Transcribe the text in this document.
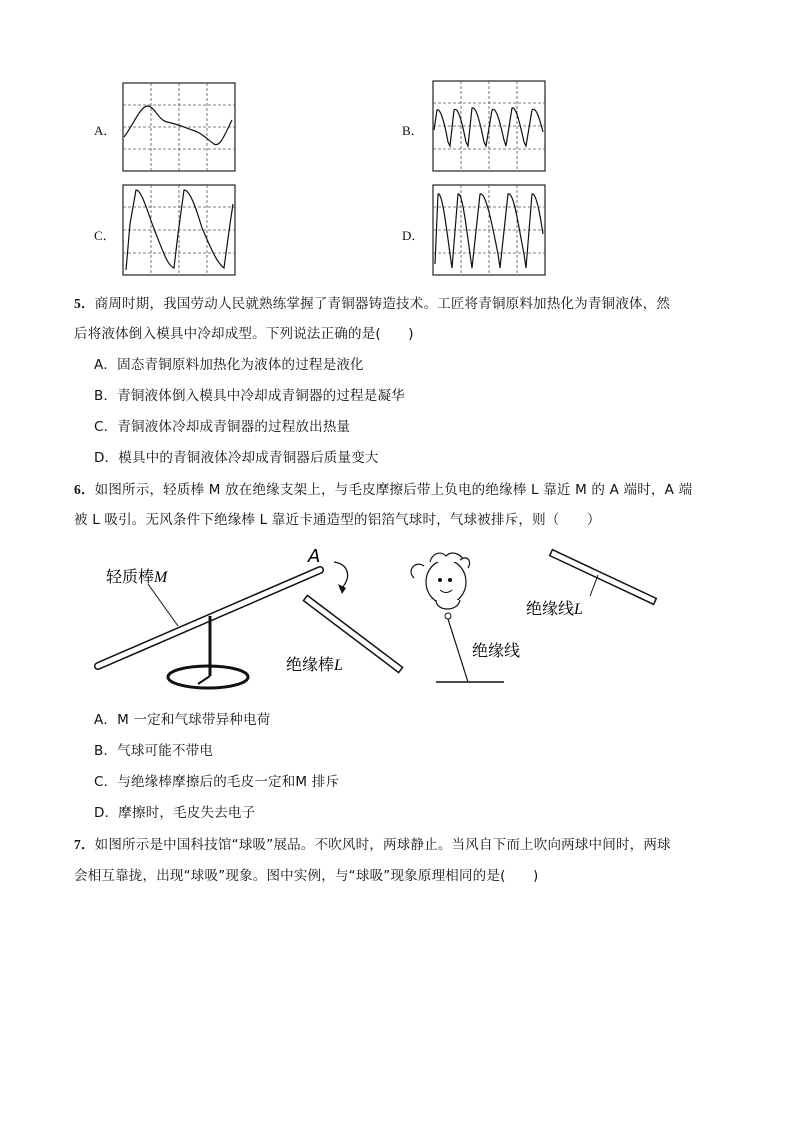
A．	B．
C．	D．
5．商周时期，我国劳动人民就熟练掌握了青铜器铸造技术。工匠将青铜原料加热化为青铜液体，然
后将液体倒入模具中冷却成型。下列说法正确的是(　　)
A．固态青铜原料加热化为液体的过程是液化
B．青铜液体倒入模具中冷却成青铜器的过程是凝华
C．青铜液体冷却成青铜器的过程放出热量
D．模具中的青铜液体冷却成青铜器后质量变大
6．如图所示，轻质棒 M 放在绝缘支架上，与毛皮摩擦后带上负电的绝缘棒 L 靠近 M 的 A 端时，A 端
被 L 吸引。无风条件下绝缘棒 L 靠近卡通造型的铝箔气球时，气球被排斥，则（　　）
轻质棒M
A
绝缘棒L
绝缘线
绝缘线L
A．M 一定和气球带异种电荷
B．气球可能不带电
C．与绝缘棒摩擦后的毛皮一定和M 排斥
D．摩擦时，毛皮失去电子
7．如图所示是中国科技馆“球吸”展品。不吹风时，两球静止。当风自下而上吹向两球中间时，两球
会相互靠拢，出现“球吸”现象。图中实例，与“球吸”现象原理相同的是(　　)
